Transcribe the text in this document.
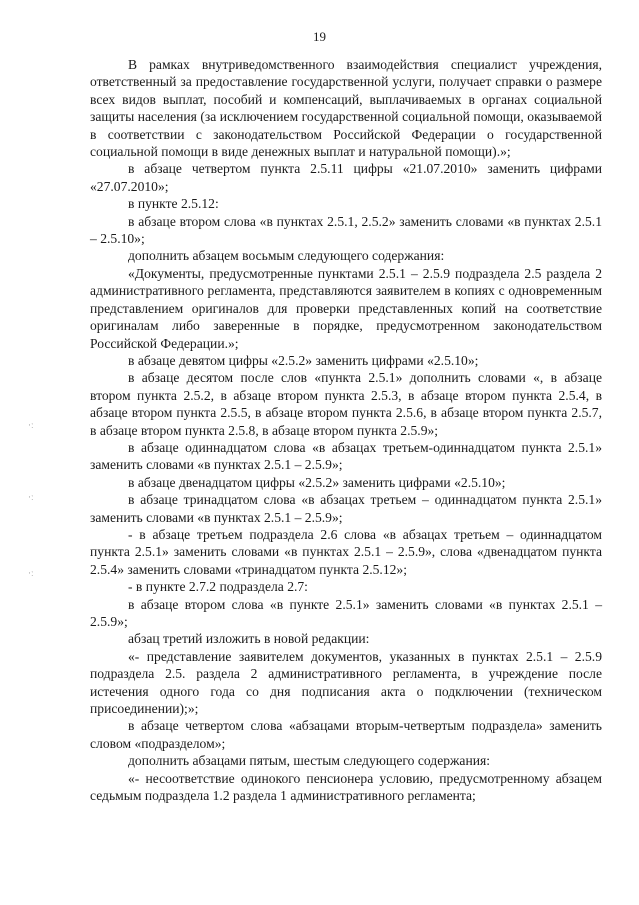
19
·ː
·ː
·ː

В рамках внутриведомственного взаимодействия специалист учреждения, ответственный за предоставление государственной услуги, получает справки о размере всех видов выплат, пособий и компенсаций, выплачиваемых в органах социальной защиты населения (за исключением государственной социальной помощи, оказываемой в соответствии с законодательством Российской Федерации о государственной социальной помощи в виде денежных выплат и натуральной помощи).»;

в абзаце четвертом пункта 2.5.11 цифры «21.07.2010» заменить цифрами «27.07.2010»;

в пункте 2.5.12:

в абзаце втором слова «в пунктах 2.5.1, 2.5.2» заменить словами «в пунктах 2.5.1 – 2.5.10»;

дополнить абзацем восьмым следующего содержания:

«Документы, предусмотренные пунктами 2.5.1 – 2.5.9 подраздела 2.5 раздела 2 административного регламента, представляются заявителем в копиях с одновременным представлением оригиналов для проверки представленных копий на соответствие оригиналам либо заверенные в порядке, предусмотренном законодательством Российской Федерации.»;

в абзаце девятом цифры «2.5.2» заменить цифрами «2.5.10»;

в абзаце десятом после слов «пункта 2.5.1» дополнить словами «, в абзаце втором пункта 2.5.2, в абзаце втором пункта 2.5.3, в абзаце втором пункта 2.5.4, в абзаце втором пункта 2.5.5, в абзаце втором пункта 2.5.6, в абзаце втором пункта 2.5.7, в абзаце втором пункта 2.5.8, в абзаце втором пункта 2.5.9»;

в абзаце одиннадцатом слова «в абзацах третьем-одиннадцатом пункта 2.5.1» заменить словами «в пунктах 2.5.1 – 2.5.9»;

в абзаце двенадцатом цифры «2.5.2» заменить цифрами «2.5.10»;

в абзаце тринадцатом слова «в абзацах третьем – одиннадцатом пункта 2.5.1» заменить словами «в пунктах 2.5.1 – 2.5.9»;

- в абзаце третьем подраздела 2.6 слова «в абзацах третьем – одиннадцатом пункта 2.5.1» заменить словами «в пунктах 2.5.1 – 2.5.9», слова «двенадцатом пункта 2.5.4» заменить словами «тринадцатом пункта 2.5.12»;

- в пункте 2.7.2 подраздела 2.7:

в абзаце втором слова «в пункте 2.5.1» заменить словами «в пунктах 2.5.1 – 2.5.9»;

абзац третий изложить в новой редакции:

«- представление заявителем документов, указанных в пунктах 2.5.1 – 2.5.9 подраздела 2.5. раздела 2 административного регламента, в учреждение после истечения одного года со дня подписания акта о подключении (техническом присоединении);»;

в абзаце четвертом слова «абзацами вторым-четвертым подраздела» заменить словом «подразделом»;

дополнить абзацами пятым, шестым следующего содержания:

«- несоответствие одинокого пенсионера условию, предусмотренному абзацем седьмым подраздела 1.2 раздела 1 административного регламента;
